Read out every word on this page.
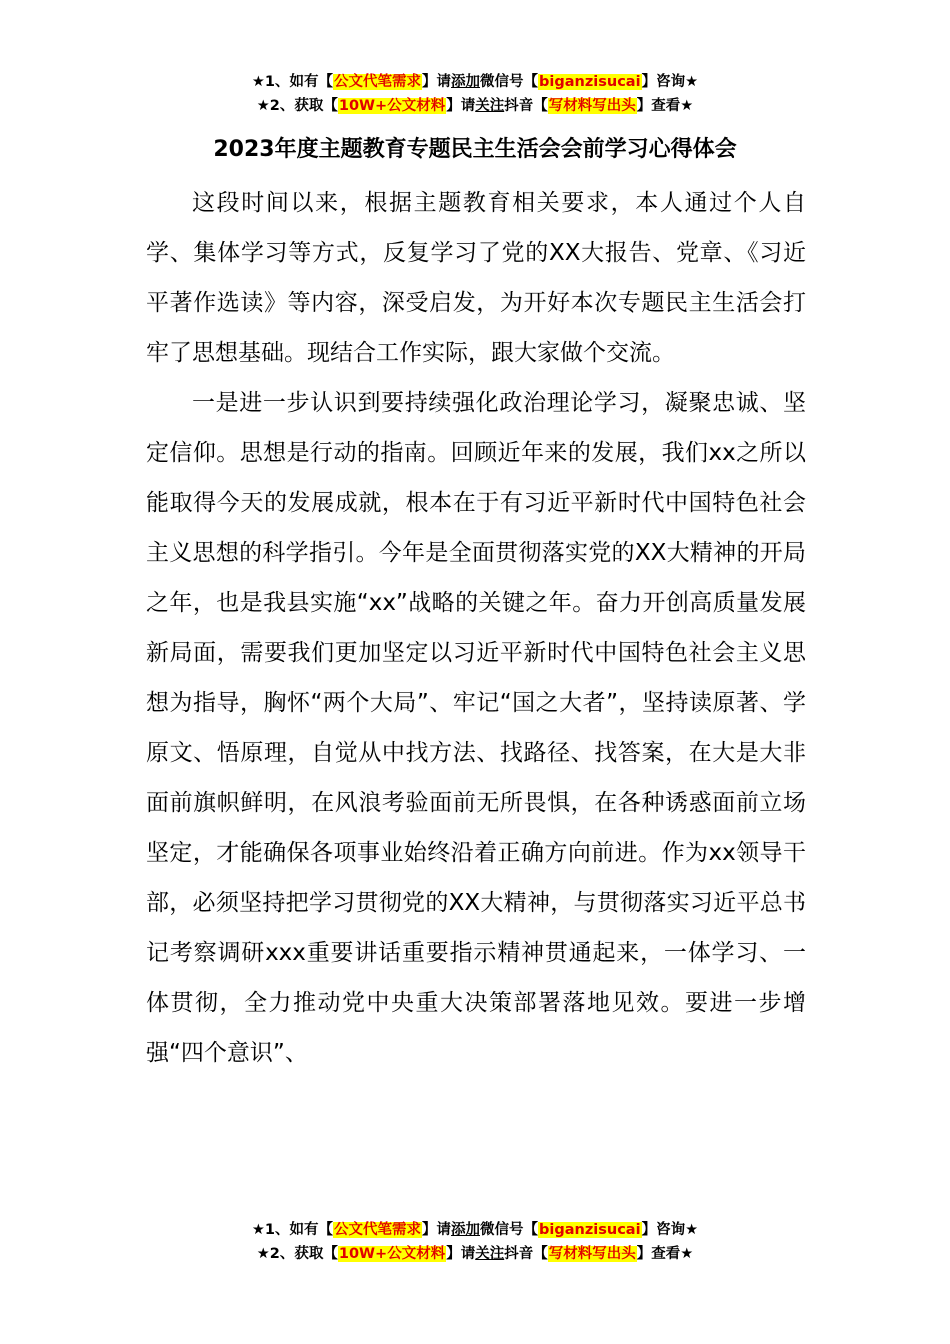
★1、如有【公文代笔需求】请添加微信号【biganzisucai】咨询★
★2、获取【10W+公文材料】请关注抖音【写材料写出头】查看★
2023年度主题教育专题民主生活会会前学习心得体会

这段时间以来，根据主题教育相关要求，本人通过个人自学、集体学习等方式，反复学习了党的XX大报告、党章、《习近平著作选读》等内容，深受启发，为开好本次专题民主生活会打牢了思想基础。现结合工作实际，跟大家做个交流。

一是进一步认识到要持续强化政治理论学习，凝聚忠诚、坚定信仰。思想是行动的指南。回顾近年来的发展，我们xx之所以能取得今天的发展成就，根本在于有习近平新时代中国特色社会主义思想的科学指引。今年是全面贯彻落实党的XX大精神的开局之年，也是我县实施“xx”战略的关键之年。奋力开创高质量发展新局面，需要我们更加坚定以习近平新时代中国特色社会主义思想为指导，胸怀“两个大局”、牢记“国之大者”，坚持读原著、学原文、悟原理，自觉从中找方法、找路径、找答案，在大是大非面前旗帜鲜明，在风浪考验面前无所畏惧，在各种诱惑面前立场坚定，才能确保各项事业始终沿着正确方向前进。作为xx领导干部，必须坚持把学习贯彻党的XX大精神，与贯彻落实习近平总书记考察调研xxx重要讲话重要指示精神贯通起来，一体学习、一体贯彻，全力推动党中央重大决策部署落地见效。要进一步增强“四个意识”、

★1、如有【公文代笔需求】请添加微信号【biganzisucai】咨询★
★2、获取【10W+公文材料】请关注抖音【写材料写出头】查看★
